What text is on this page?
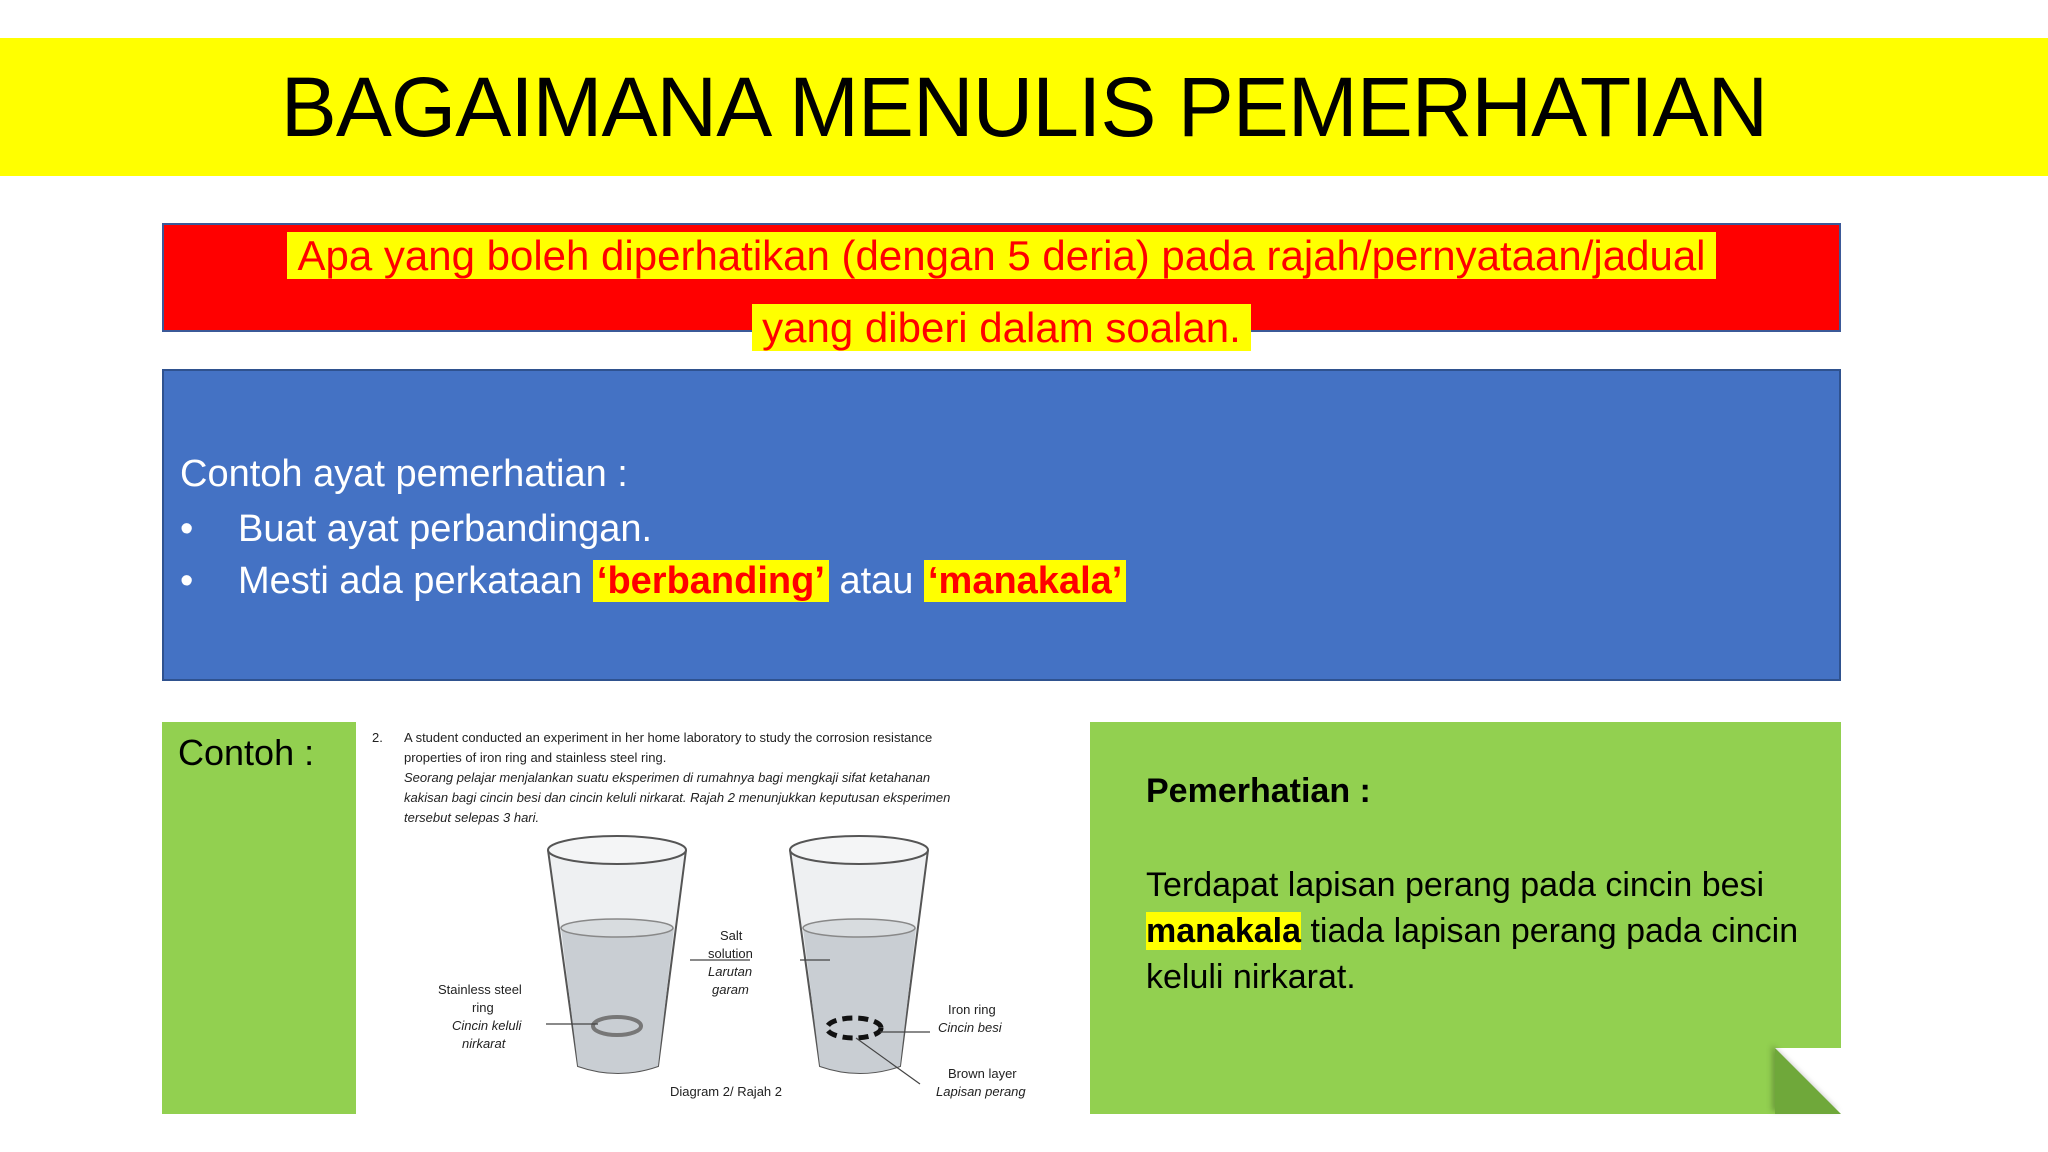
BAGAIMANA MENULIS PEMERHATIAN
Apa yang boleh diperhatikan (dengan 5 deria) pada rajah/pernyataan/jadual
yang diberi dalam soalan.
Contoh ayat pemerhatian :
• Buat ayat perbandingan.
• Mesti ada perkataan ‘berbanding’ atau ‘manakala’
Contoh :	2. A student conducted an experiment in her home laboratory to study the corrosion resistance
properties of iron ring and stainless steel ring.
Seorang pelajar menjalankan suatu eksperimen di rumahnya bagi mengkaji sifat ketahanan
kakisan bagi cincin besi dan cincin keluli nirkarat. Rajah 2 menunjukkan keputusan eksperimen
tersebut selepas 3 hari.
Stainless steel
ring
Cincin keluli
nirkarat
Salt
solution
Larutan
garam
Iron ring
Cincin besi
Brown layer
Lapisan perang
Diagram 2/ Rajah 2
Pemerhatian :
Terdapat lapisan perang pada cincin besi manakala tiada lapisan perang pada cincin keluli nirkarat.
